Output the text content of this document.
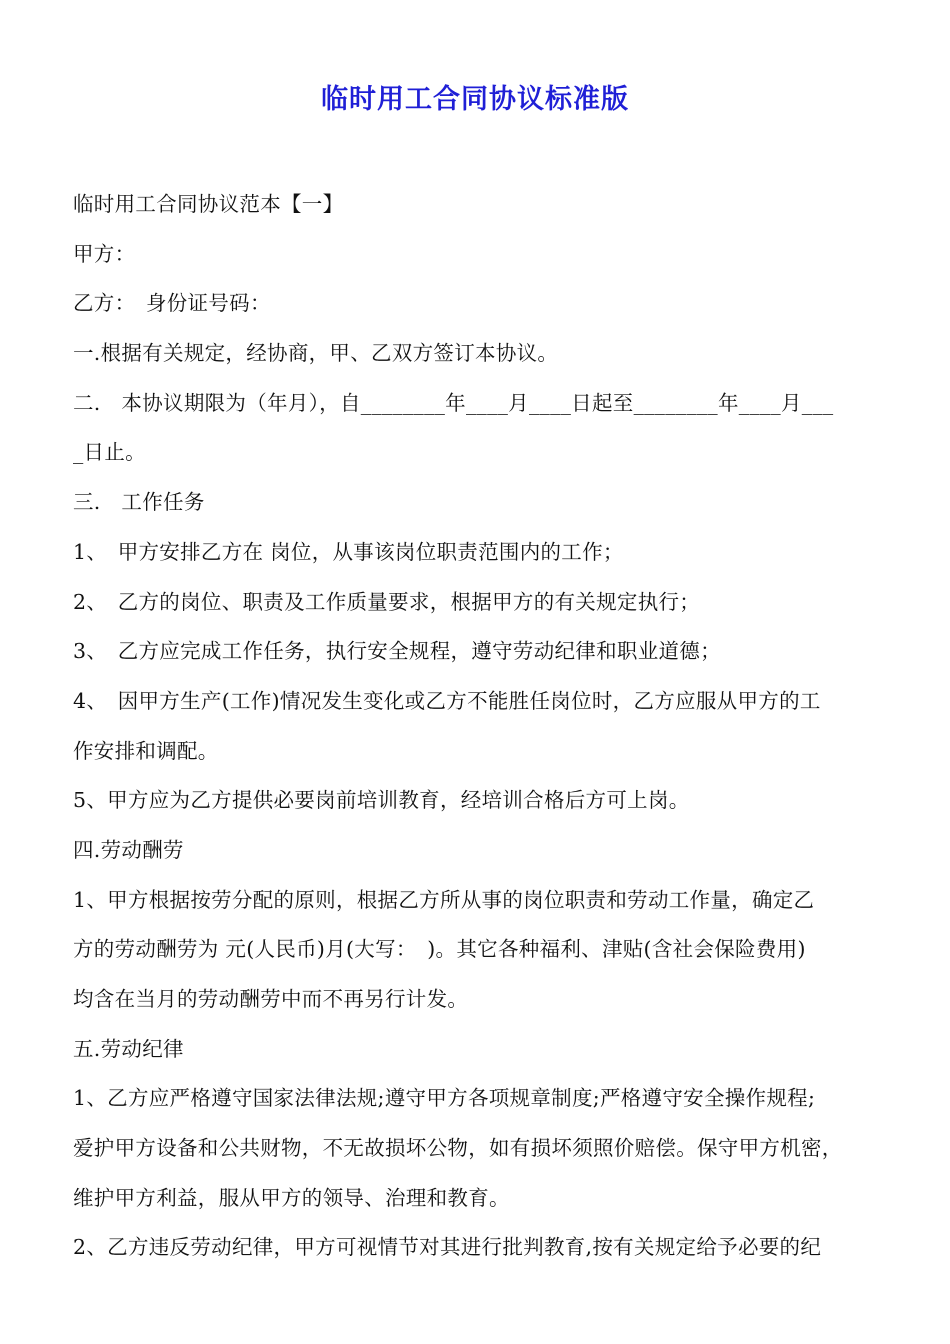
临时用工合同协议标准版
临时用工合同协议范本【一】
甲方：
乙方：　身份证号码：
一.根据有关规定，经协商，甲、乙双方签订本协议。
二.　本协议期限为（年月），自________年____月____日起至________年____月___
_日止。
三.　工作任务
1、　甲方安排乙方在 岗位，从事该岗位职责范围内的工作；
2、　乙方的岗位、职责及工作质量要求，根据甲方的有关规定执行；
3、　乙方应完成工作任务，执行安全规程，遵守劳动纪律和职业道德；
4、　因甲方生产(工作)情况发生变化或乙方不能胜任岗位时，乙方应服从甲方的工
作安排和调配。
5、甲方应为乙方提供必要岗前培训教育，经培训合格后方可上岗。
四.劳动酬劳
1、甲方根据按劳分配的原则，根据乙方所从事的岗位职责和劳动工作量，确定乙
方的劳动酬劳为 元(人民币)月(大写：　)。其它各种福利、津贴(含社会保险费用)
均含在当月的劳动酬劳中而不再另行计发。
五.劳动纪律
1、乙方应严格遵守国家法律法规;遵守甲方各项规章制度;严格遵守安全操作规程;
爱护甲方设备和公共财物，不无故损坏公物，如有损坏须照价赔偿。保守甲方机密，
维护甲方利益，服从甲方的领导、治理和教育。
2、乙方违反劳动纪律，甲方可视情节对其进行批判教育,按有关规定给予必要的纪
